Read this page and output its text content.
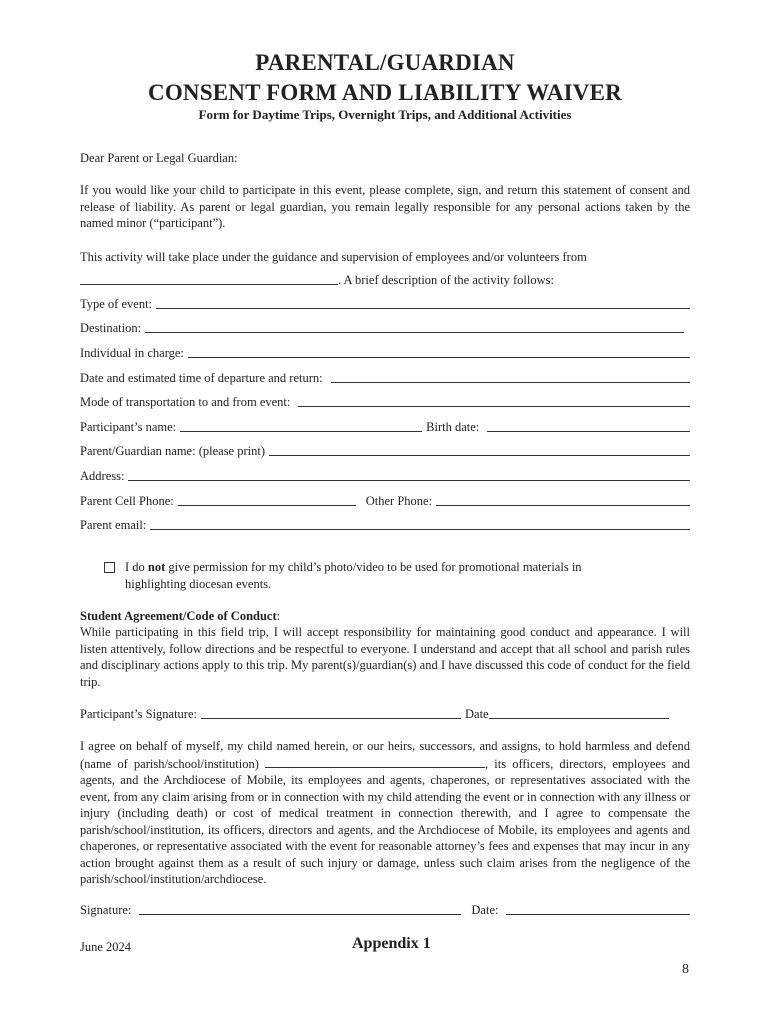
PARENTAL/GUARDIAN
CONSENT FORM AND LIABILITY WAIVER
Form for Daytime Trips, Overnight Trips, and Additional Activities
Dear Parent or Legal Guardian:
If you would like your child to participate in this event, please complete, sign, and return this statement of consent and release of liability. As parent or legal guardian, you remain legally responsible for any personal actions taken by the named minor (“participant”).
This activity will take place under the guidance and supervision of employees and/or volunteers from
. A brief description of the activity follows:
Type of event:
Destination:
Individual in charge:
Date and estimated time of departure and return:
Mode of transportation to and from event:
Participant’s name:	Birth date:
Parent/Guardian name: (please print)
Address:
Parent Cell Phone:	Other Phone:
Parent email:
I do not give permission for my child’s photo/video to be used for promotional materials in
highlighting diocesan events.
Student Agreement/Code of Conduct:
While participating in this field trip, I will accept responsibility for maintaining good conduct and appearance. I will listen attentively, follow directions and be respectful to everyone. I understand and accept that all school and parish rules and disciplinary actions apply to this trip. My parent(s)/guardian(s) and I have discussed this code of conduct for the field trip.
Participant’s Signature:	Date
I agree on behalf of myself, my child named herein, or our heirs, successors, and assigns, to hold harmless and defend (name of parish/school/institution)	, its officers, directors, employees and agents, and the Archdiocese of Mobile, its employees and agents, chaperones, or representatives associated with the event, from any claim arising from or in connection with my child attending the event or in connection with any illness or injury (including death) or cost of medical treatment in connection therewith, and I agree to compensate the parish/school/institution, its officers, directors and agents, and the Archdiocese of Mobile, its employees and agents and chaperones, or representative associated with the event for reasonable attorney’s fees and expenses that may incur in any action brought against them as a result of such injury or damage, unless such claim arises from the negligence of the parish/school/institution/archdiocese.
Signature:	Date:
June 2024	Appendix 1
8
